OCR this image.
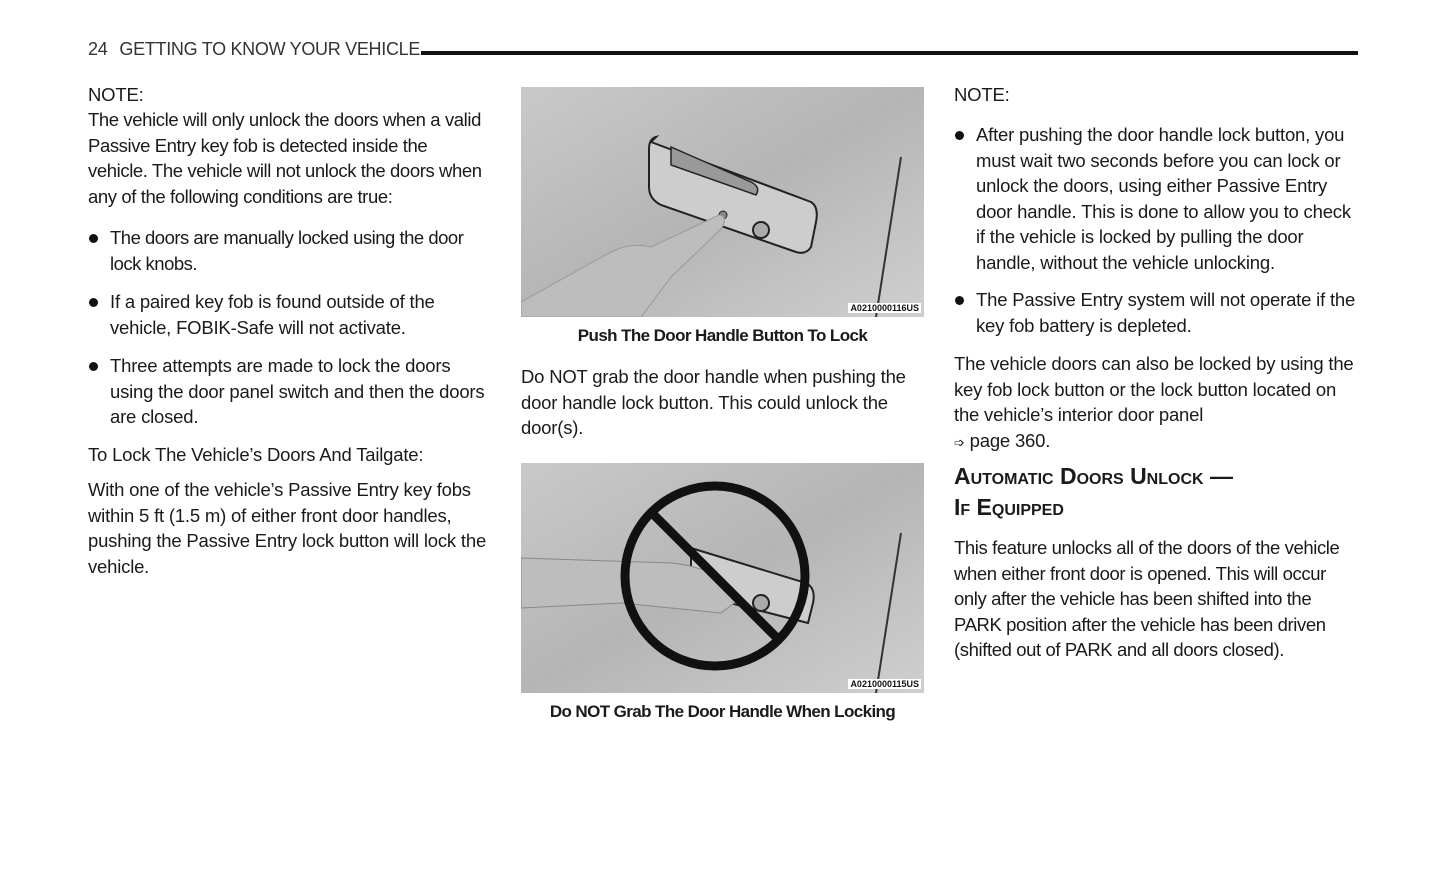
24 GETTING TO KNOW YOUR VEHICLE

NOTE:

The vehicle will only unlock the doors when a valid Passive Entry key fob is detected inside the vehicle. The vehicle will not unlock the doors when any of the following conditions are true:

The doors are manually locked using the door lock knobs.
If a paired key fob is found outside of the vehicle, FOBIK-Safe will not activate.
Three attempts are made to lock the doors using the door panel switch and then the doors are closed.

To Lock The Vehicle’s Doors And Tailgate:

With one of the vehicle’s Passive Entry key fobs within 5 ft (1.5 m) of either front door handles, pushing the Passive Entry lock button will lock the vehicle.

A0210000116US
Push The Door Handle Button To Lock

Do NOT grab the door handle when pushing the door handle lock button. This could unlock the door(s).

A0210000115US
Do NOT Grab The Door Handle When Locking

NOTE:

After pushing the door handle lock button, you must wait two seconds before you can lock or unlock the doors, using either Passive Entry door handle. This is done to allow you to check if the vehicle is locked by pulling the door handle, without the vehicle unlocking.
The Passive Entry system will not operate if the key fob battery is depleted.

The vehicle doors can also be locked by using the key fob lock button or the lock button located on the vehicle’s interior door panel
➩ page 360.

Automatic Doors Unlock —
If Equipped

This feature unlocks all of the doors of the vehicle when either front door is opened. This will occur only after the vehicle has been shifted into the PARK position after the vehicle has been driven (shifted out of PARK and all doors closed).
